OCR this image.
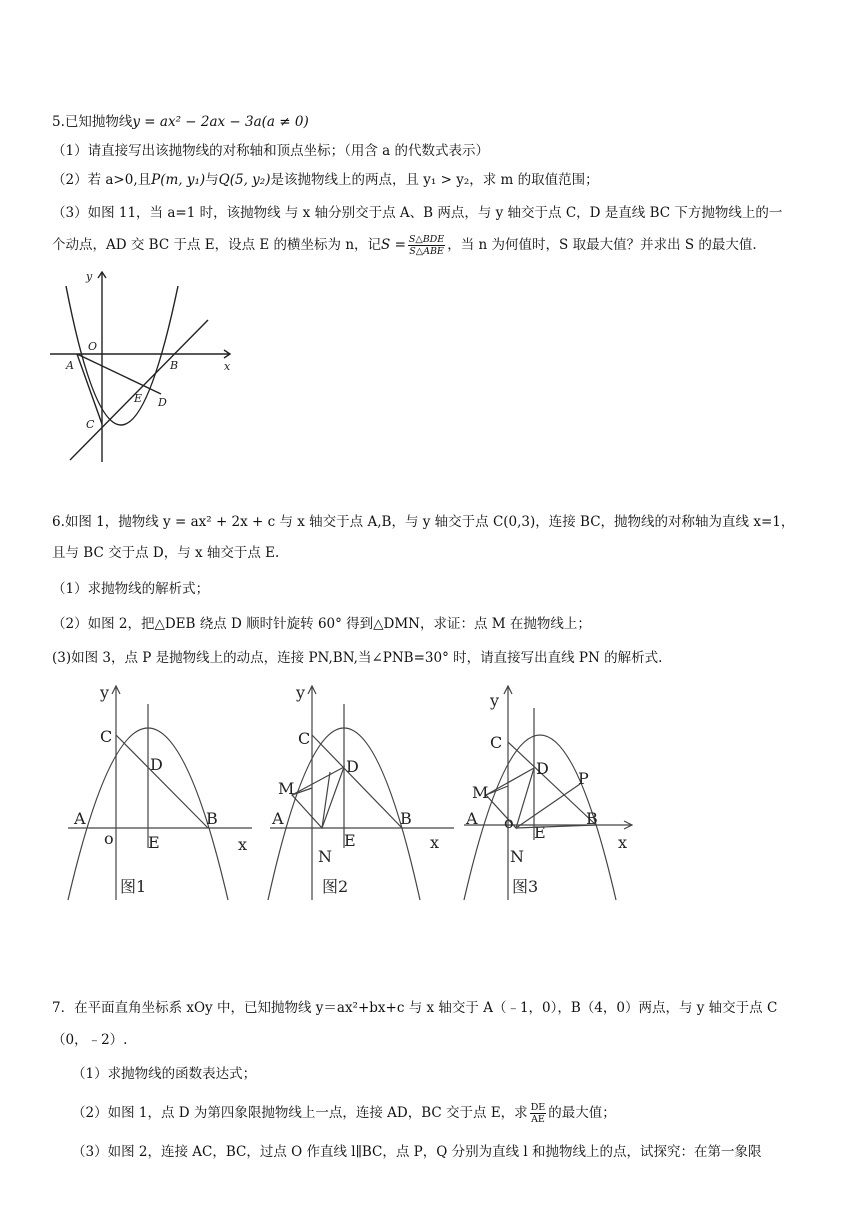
5.已知抛物线y = ax² − 2ax − 3a(a ≠ 0)
（1）请直接写出该抛物线的对称轴和顶点坐标；（用含 a 的代数式表示）
（2）若 a>0,且P(m, y₁)与Q(5, y₂)是该抛物线上的两点，且 y₁ > y₂，求 m 的取值范围；
（3）如图 11，当 a=1 时，该抛物线 与 x 轴分别交于点 A、B 两点，与 y 轴交于点 C，D 是直线 BC 下方抛物线上的一
个动点，AD 交 BC 于点 E，设点 E 的横坐标为 n，记$S = \frac{\text{S△BDE}}{\text{S△ABE}}$ ，当 n 为何值时，S 取最大值？并求出 S 的最大值.
y
x
O
A	B
C
D
E
6.如图 1，抛物线 y = ax² + 2x + c 与 x 轴交于点 A,B，与 y 轴交于点 C(0,3)，连接 BC，抛物线的对称轴为直线 x=1，
且与 BC 交于点 D，与 x 轴交于点 E.
（1）求抛物线的解析式；
（2）如图 2，把△DEB 绕点 D 顺时针旋转 60° 得到△DMN，求证：点 M 在抛物线上；
(3)如图 3，点 P 是抛物线上的动点，连接 PN,BN,当∠PNB=30° 时，请直接写出直线 PN 的解析式.
y
x
C
D
A	B
o E
图1
y
x
C
D
M
A	B
N
E
图2
y
x
C
D
M
A	B
N
E
P
o
图3
7．在平面直角坐标系 xOy 中，已知抛物线 y＝ax²+bx+c 与 x 轴交于 A（﹣1，0），B（4，0）两点，与 y 轴交于点 C
（0，﹣2）.
（1）求抛物线的函数表达式；
（2）如图 1，点 D 为第四象限抛物线上一点，连接 AD，BC 交于点 E，求 $\frac{DE}{AE}$ 的最大值；
（3）如图 2，连接 AC，BC，过点 O 作直线 l∥BC，点 P，Q 分别为直线 l 和抛物线上的点，试探究：在第一象限
